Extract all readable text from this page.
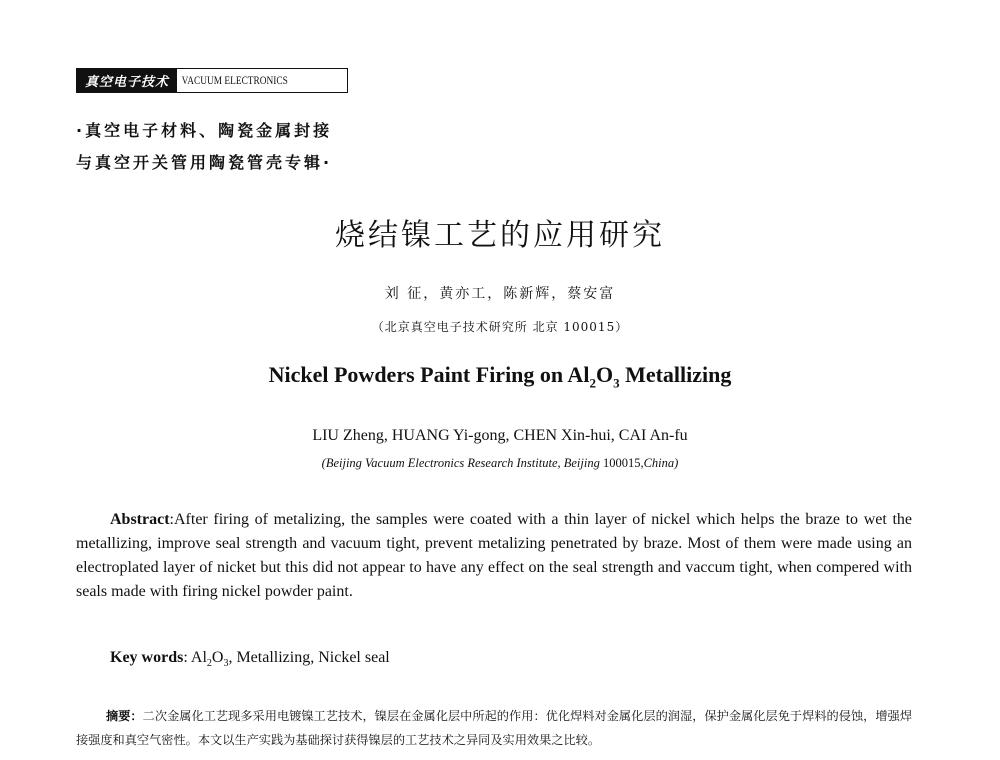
真空电子技术	VACUUM ELECTRONICS
·真空电子材料、陶瓷金属封接
与真空开关管用陶瓷管壳专辑·
烧结镍工艺的应用研究
刘 征，黄亦工，陈新辉，蔡安富
（北京真空电子技术研究所 北京 100015）
Nickel Powders Paint Firing on $Al_2O_3$ Metallizing
LIU Zheng, HUANG Yi-gong, CHEN Xin-hui, CAI An-fu
(Beijing Vacuum Electronics Research Institute, Beijing 100015,China)

Abstract:After firing of metalizing, the samples were coated with a thin layer of nickel which helps the braze to wet the metallizing, improve seal strength and vacuum tight, prevent metalizing penetrated by braze. Most of them were made using an electroplated layer of nicket but this did not appear to have any effect on the seal strength and vaccum tight, when compered with seals made with firing nickel powder paint.

Key words: $Al_2O_3$, Metallizing, Nickel seal

摘要：二次金属化工艺现多采用电镀镍工艺技术，镍层在金属化层中所起的作用：优化焊料对金属化层的润湿，保护金属化层免于焊料的侵蚀，增强焊接强度和真空气密性。本文以生产实践为基础探讨获得镍层的工艺技术之异同及实用效果之比较。
